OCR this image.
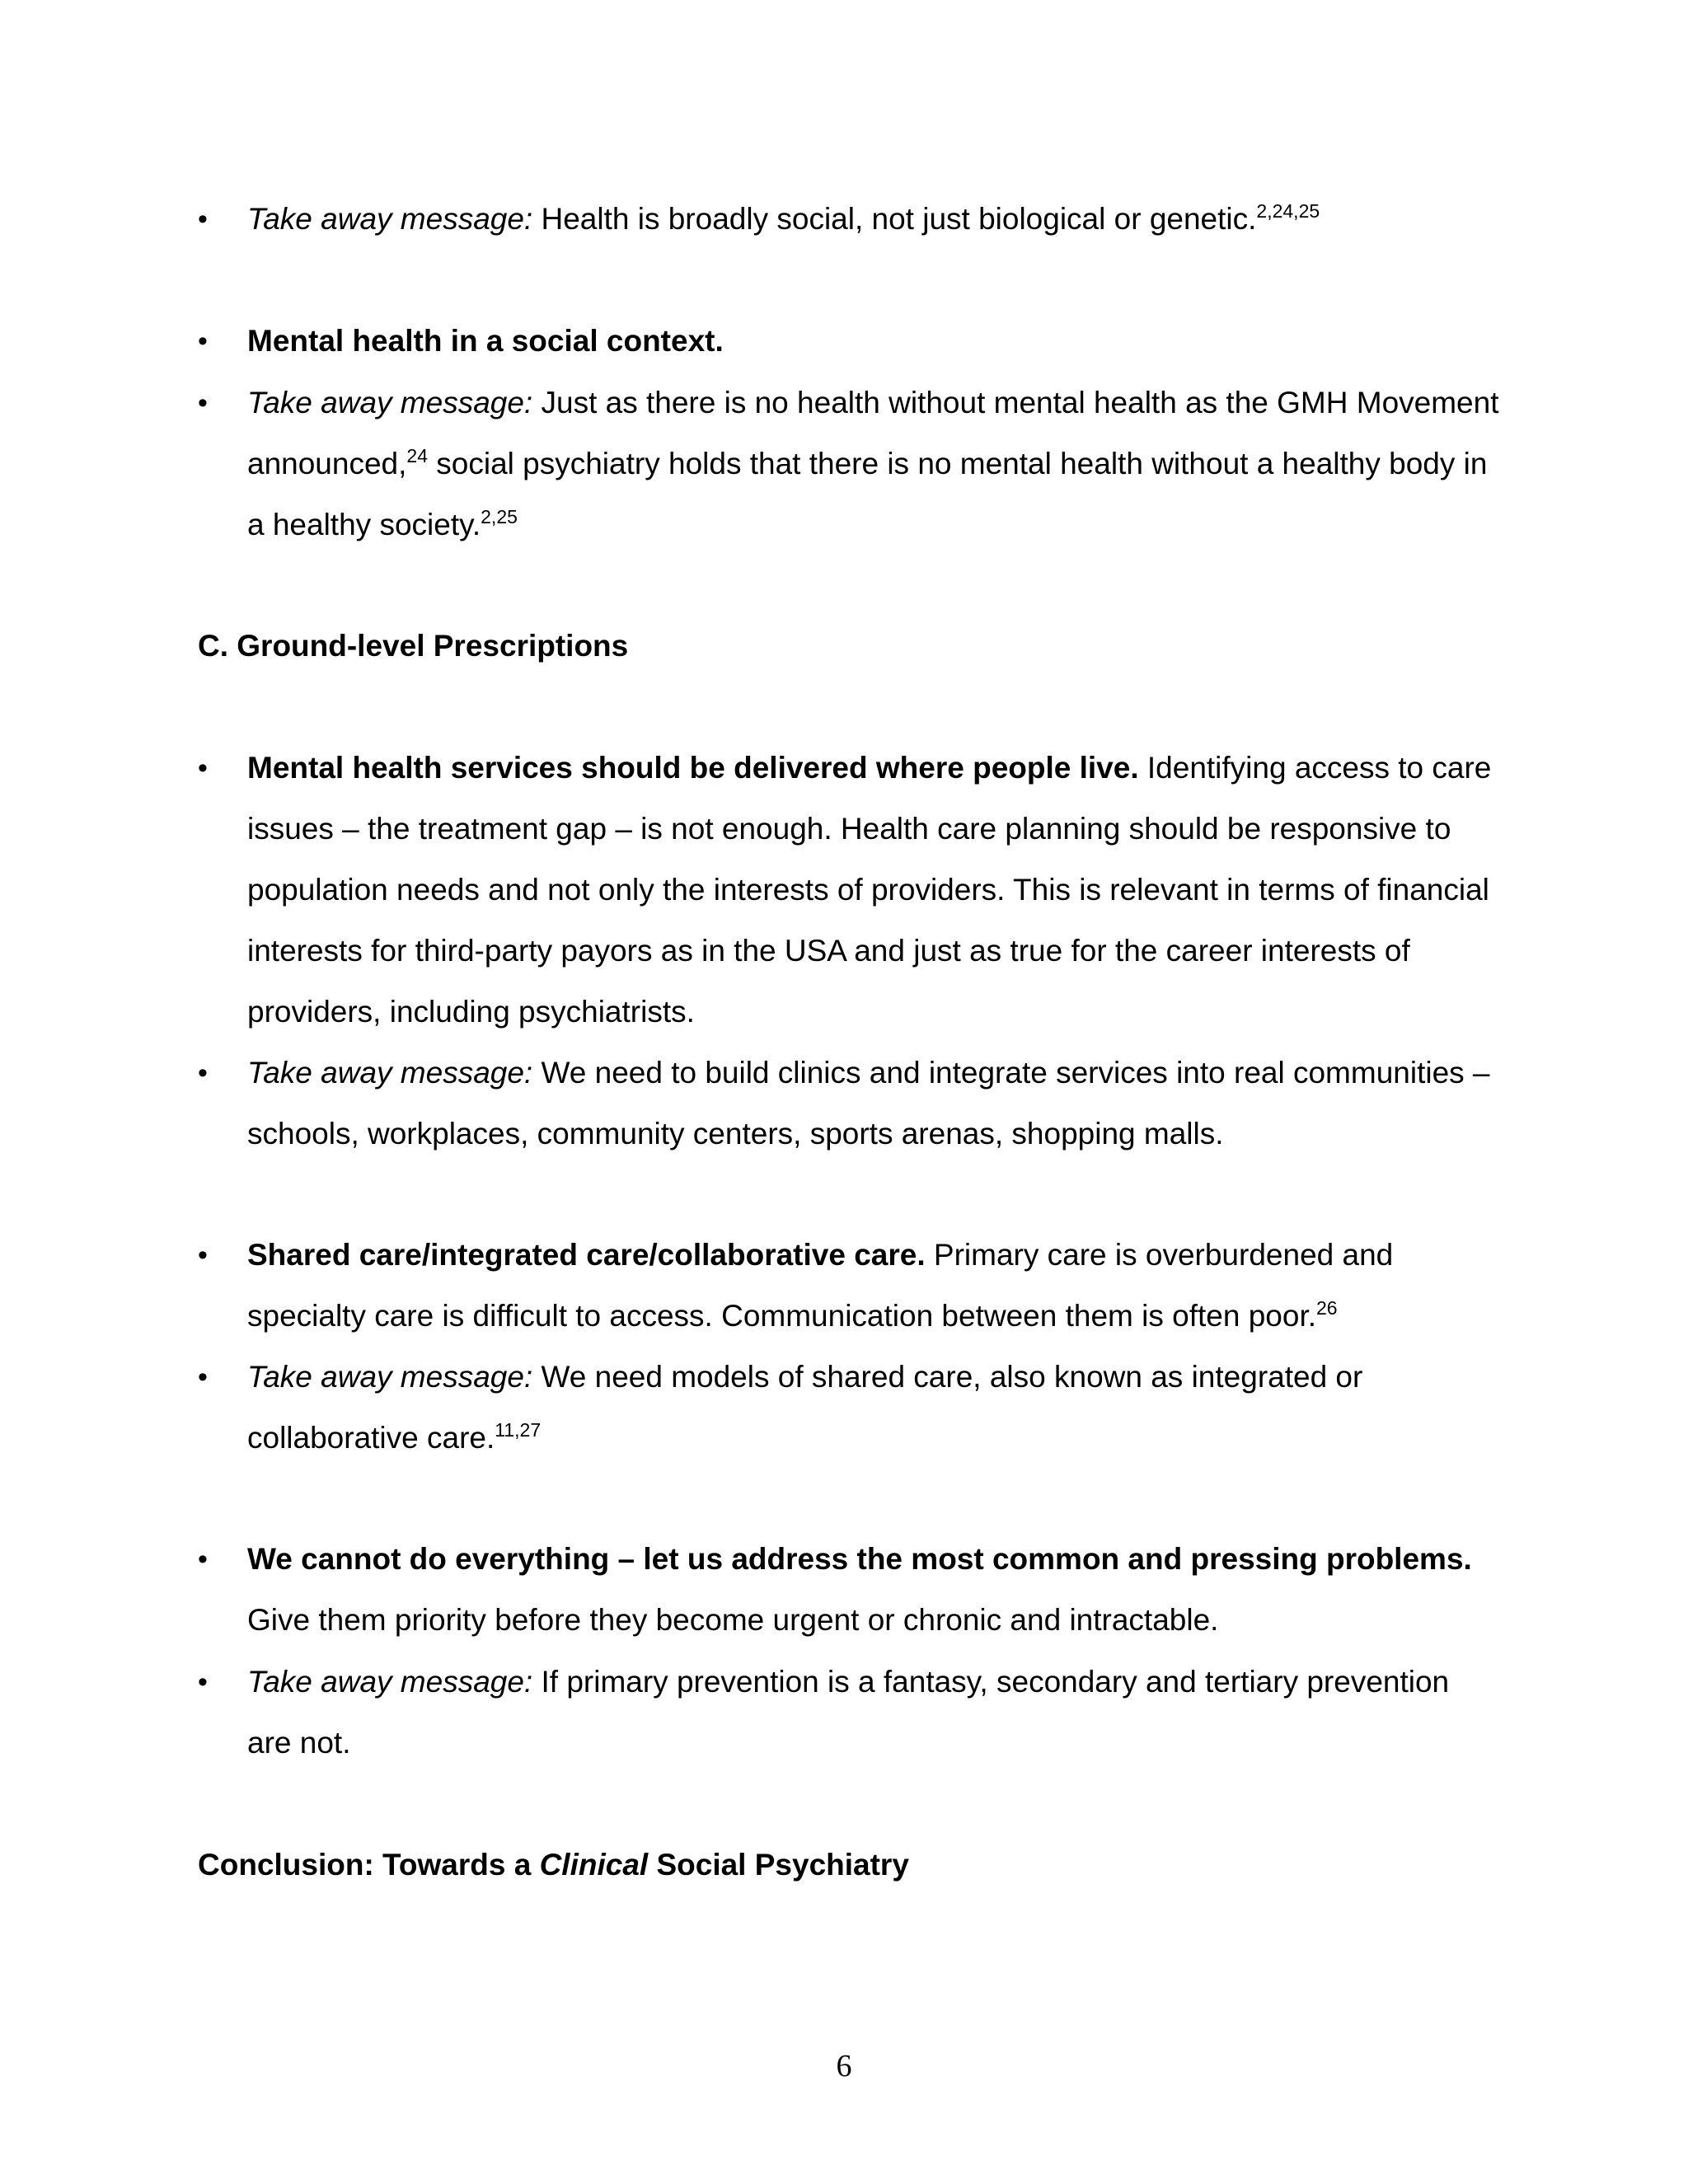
• Take away message: Health is broadly social, not just biological or genetic.$^{2,24,25}$
• Mental health in a social context.
• Take away message: Just as there is no health without mental health as the GMH Movement announced,$^{24}$ social psychiatry holds that there is no mental health without a healthy body in a healthy society.$^{2,25}$
C. Ground-level Prescriptions
• Mental health services should be delivered where people live. Identifying access to care issues – the treatment gap – is not enough. Health care planning should be responsive to population needs and not only the interests of providers. This is relevant in terms of financial interests for third-party payors as in the USA and just as true for the career interests of providers, including psychiatrists.
• Take away message: We need to build clinics and integrate services into real communities – schools, workplaces, community centers, sports arenas, shopping malls.
• Shared care/integrated care/collaborative care. Primary care is overburdened and specialty care is difficult to access. Communication between them is often poor.$^{26}$
• Take away message: We need models of shared care, also known as integrated or collaborative care.$^{11,27}$
• We cannot do everything – let us address the most common and pressing problems. Give them priority before they become urgent or chronic and intractable.
• Take away message: If primary prevention is a fantasy, secondary and tertiary prevention are not.
Conclusion: Towards a Clinical Social Psychiatry
6
